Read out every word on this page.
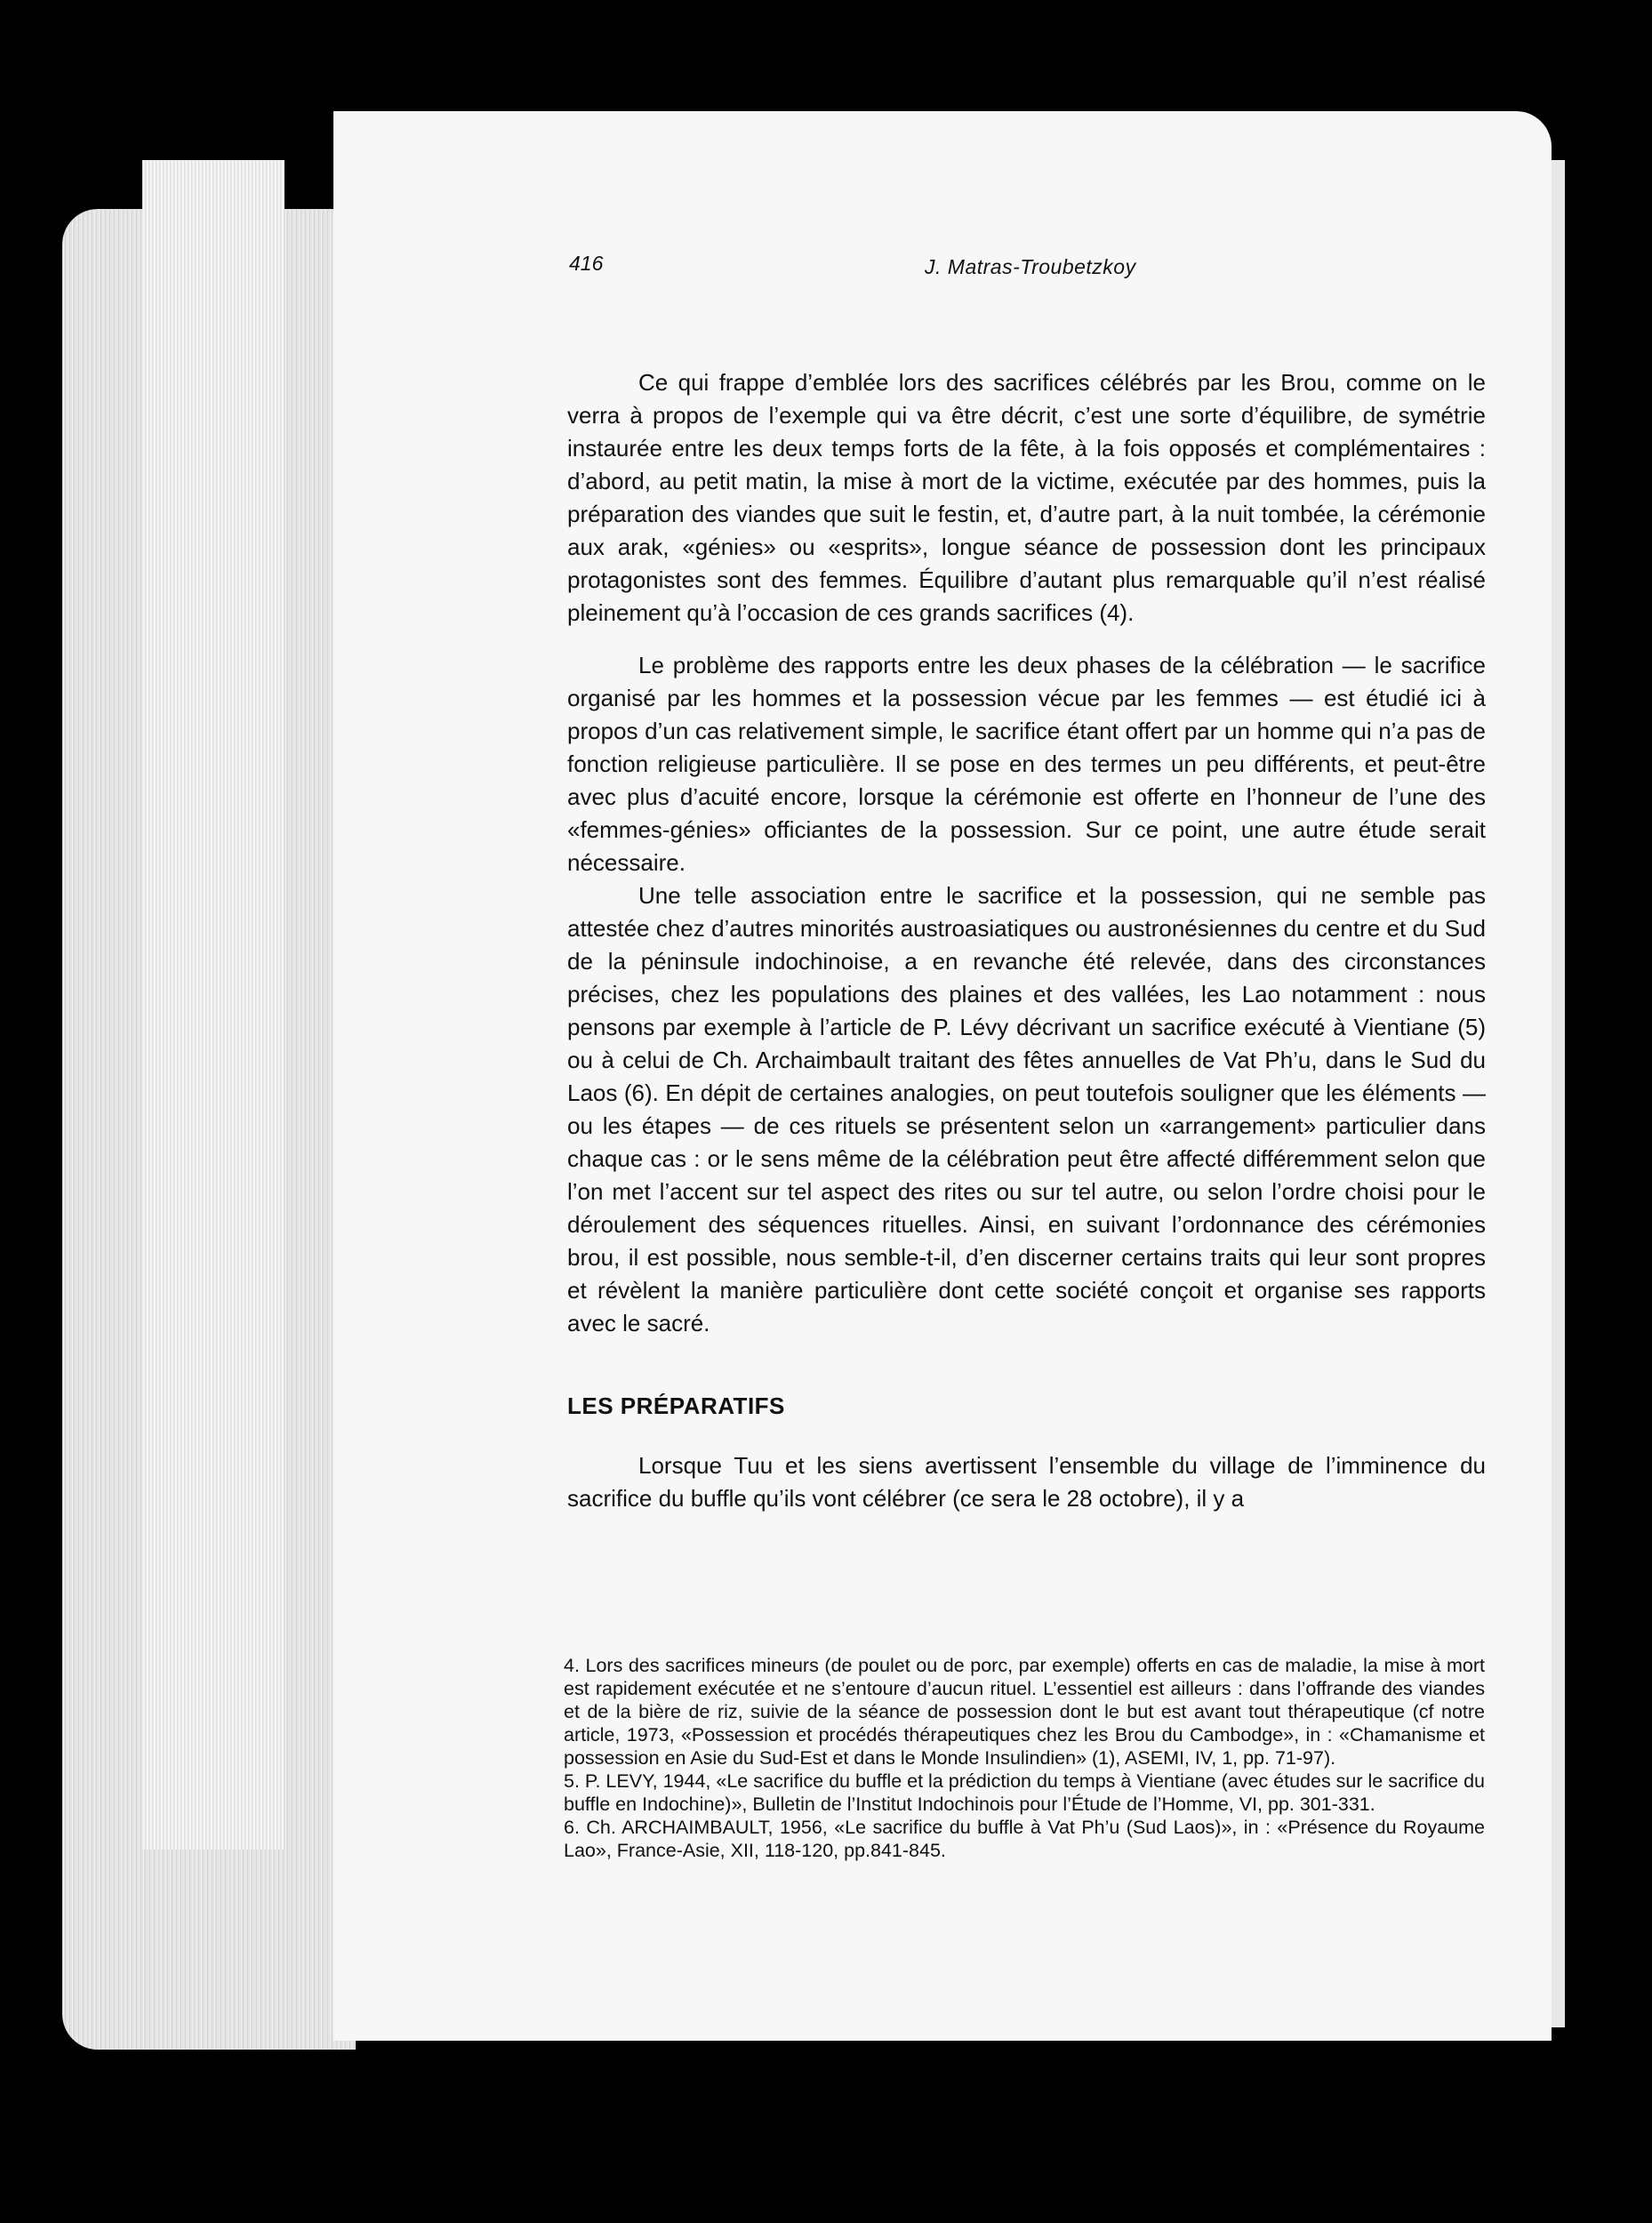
416	J. Matras-Troubetzkoy

Ce qui frappe d’emblée lors des sacrifices célébrés par les Brou, comme on le verra à propos de l’exemple qui va être décrit, c’est une sorte d’équilibre, de symétrie instaurée entre les deux temps forts de la fête, à la fois opposés et complémentaires : d’abord, au petit matin, la mise à mort de la victime, exécutée par des hommes, puis la préparation des viandes que suit le festin, et, d’autre part, à la nuit tombée, la cérémonie aux arak, «génies» ou «esprits», longue séance de possession dont les principaux protagonistes sont des femmes. Équilibre d’autant plus remarquable qu’il n’est réalisé pleinement qu’à l’occasion de ces grands sacrifices (4).

Le problème des rapports entre les deux phases de la célébration — le sacrifice organisé par les hommes et la possession vécue par les femmes — est étudié ici à propos d’un cas relativement simple, le sacrifice étant offert par un homme qui n’a pas de fonction religieuse particulière. Il se pose en des termes un peu différents, et peut-être avec plus d’acuité encore, lorsque la cérémonie est offerte en l’honneur de l’une des «femmes-génies» officiantes de la possession. Sur ce point, une autre étude serait nécessaire.

Une telle association entre le sacrifice et la possession, qui ne semble pas attestée chez d’autres minorités austroasiatiques ou austronésiennes du centre et du Sud de la péninsule indochinoise, a en revanche été relevée, dans des circonstances précises, chez les populations des plaines et des vallées, les Lao notamment : nous pensons par exemple à l’article de P. Lévy décrivant un sacrifice exécuté à Vientiane (5) ou à celui de Ch. Archaimbault traitant des fêtes annuelles de Vat Ph’u, dans le Sud du Laos (6). En dépit de certaines analogies, on peut toutefois souligner que les éléments — ou les étapes — de ces rituels se présentent selon un «arrangement» particulier dans chaque cas : or le sens même de la célébration peut être affecté différemment selon que l’on met l’accent sur tel aspect des rites ou sur tel autre, ou selon l’ordre choisi pour le déroulement des séquences rituelles. Ainsi, en suivant l’ordonnance des cérémonies brou, il est possible, nous semble-t-il, d’en discerner certains traits qui leur sont propres et révèlent la manière particulière dont cette société conçoit et organise ses rapports avec le sacré.

LES PRÉPARATIFS

Lorsque Tuu et les siens avertissent l’ensemble du village de l’imminence du sacrifice du buffle qu’ils vont célébrer (ce sera le 28 octobre), il y a

4. Lors des sacrifices mineurs (de poulet ou de porc, par exemple) offerts en cas de maladie, la mise à mort est rapidement exécutée et ne s’entoure d’aucun rituel. L’essentiel est ailleurs : dans l’offrande des viandes et de la bière de riz, suivie de la séance de possession dont le but est avant tout thérapeutique (cf notre article, 1973, «Possession et procédés thérapeutiques chez les Brou du Cambodge», in : «Chamanisme et possession en Asie du Sud-Est et dans le Monde Insulindien» (1), ASEMI, IV, 1, pp. 71-97).

5. P. LEVY, 1944, «Le sacrifice du buffle et la prédiction du temps à Vientiane (avec études sur le sacrifice du buffle en Indochine)», Bulletin de l’Institut Indochinois pour l’Étude de l’Homme, VI, pp. 301-331.

6. Ch. ARCHAIMBAULT, 1956, «Le sacrifice du buffle à Vat Ph’u (Sud Laos)», in : «Présence du Royaume Lao», France-Asie, XII, 118-120, pp.841-845.
